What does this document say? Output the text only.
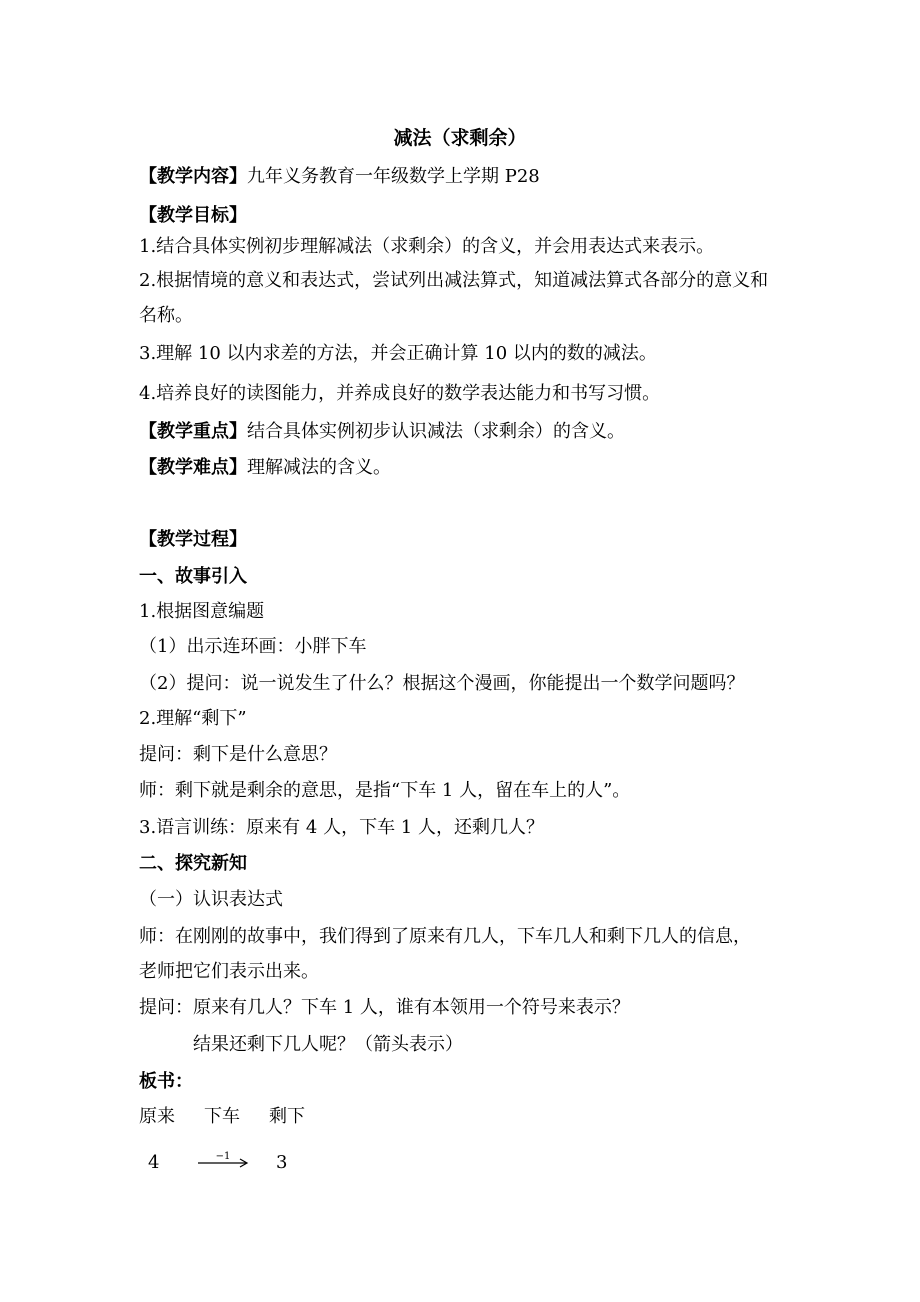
减法（求剩余）
【教学内容】九年义务教育一年级数学上学期 P28
【教学目标】
1.结合具体实例初步理解减法（求剩余）的含义，并会用表达式来表示。
2.根据情境的意义和表达式，尝试列出减法算式，知道减法算式各部分的意义和
名称。
3.理解 10 以内求差的方法，并会正确计算 10 以内的数的减法。
4.培养良好的读图能力，并养成良好的数学表达能力和书写习惯。
【教学重点】结合具体实例初步认识减法（求剩余）的含义。
【教学难点】理解减法的含义。
【教学过程】
一、故事引入
1.根据图意编题
（1）出示连环画：小胖下车
（2）提问：说一说发生了什么？根据这个漫画，你能提出一个数学问题吗？
2.理解“剩下”
提问：剩下是什么意思？
师：剩下就是剩余的意思，是指“下车 1 人，留在车上的人”。
3.语言训练：原来有 4 人，下车 1 人，还剩几人？
二、探究新知
（一）认识表达式
师：在刚刚的故事中，我们得到了原来有几人，下车几人和剩下几人的信息，
老师把它们表示出来。
提问：原来有几人？下车 1 人，谁有本领用一个符号来表示？
结果还剩下几人呢？（箭头表示）
板书：
原来 下车 剩下
4	−1	3
